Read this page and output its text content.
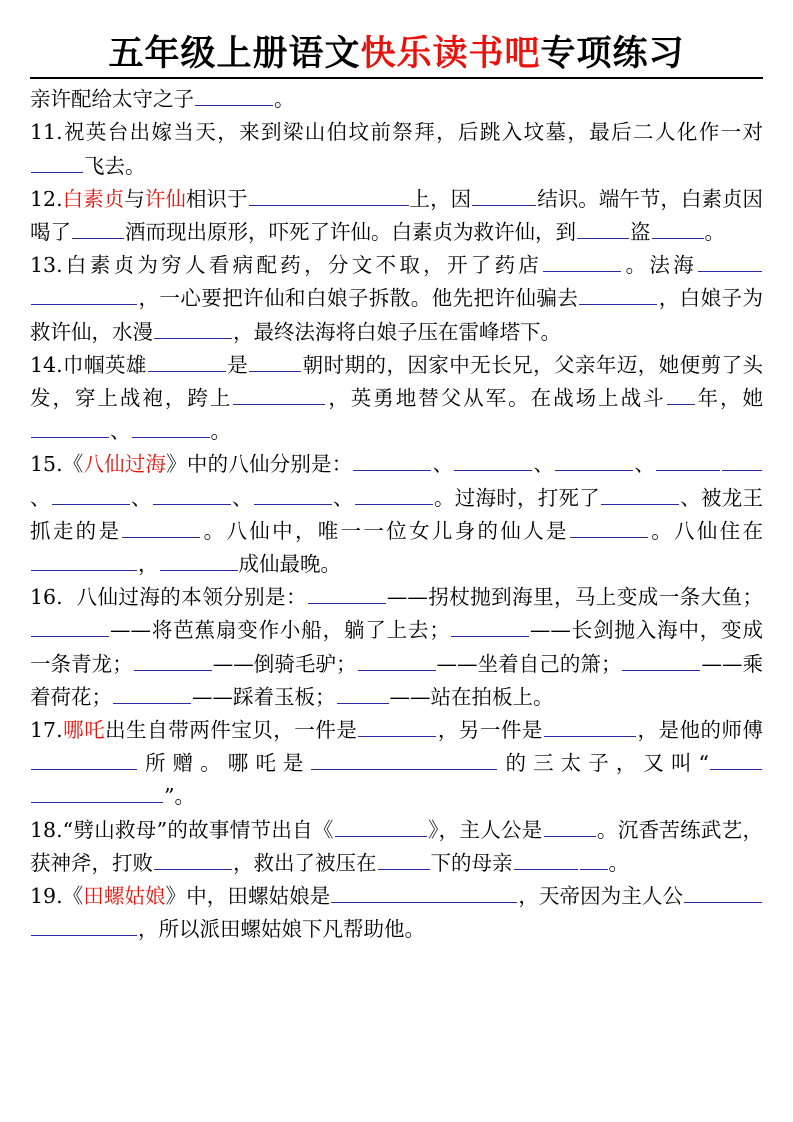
五年级上册语文快乐读书吧专项练习

亲许配给太守之子	。

11.祝英台出嫁当天，来到梁山伯坟前祭拜，后跳入坟墓，最后二人化作一对飞去。

12.白素贞与许仙相识于	上，因	结识。端午节，白素贞因喝了	酒而现出原形，吓死了许仙。白素贞为救许仙，到	盗	。

13.白素贞为穷人看病配药，分文不取，开了药店	。法海，一心要把许仙和白娘子拆散。他先把许仙骗去	，白娘子为救许仙，水漫	，最终法海将白娘子压在雷峰塔下。

14.巾帼英雄	是	朝时期的，因家中无长兄，父亲年迈，她便剪了头发，穿上战袍，跨上	，英勇地替父从军。在战场上战斗 年，她、	。

15.《八仙过海》中的八仙分别是：	、	、	、、	、	、	、	。过海时，打死了	、被龙王抓走的是	。八仙中，唯一一位女儿身的仙人是	。八仙住在，	成仙最晚。

16. 八仙过海的本领分别是：	——拐杖抛到海里，马上变成一条大鱼；——将芭蕉扇变作小船，躺了上去；	——长剑抛入海中，变成一条青龙；	——倒骑毛驴；	——坐着自己的箫；	——乘着荷花；	——踩着玉板；	——站在拍板上。

17.哪吒出生自带两件宝贝，一件是	，另一件是	，是他的师傅所赠。哪吒是	的三太子，又叫“”。

18.“劈山救母”的故事情节出自《	》，主人公是	。沉香苦练武艺，获神斧，打败	，救出了被压在	下的母亲	。

19.《田螺姑娘》中，田螺姑娘是	，天帝因为主人公，所以派田螺姑娘下凡帮助他。
